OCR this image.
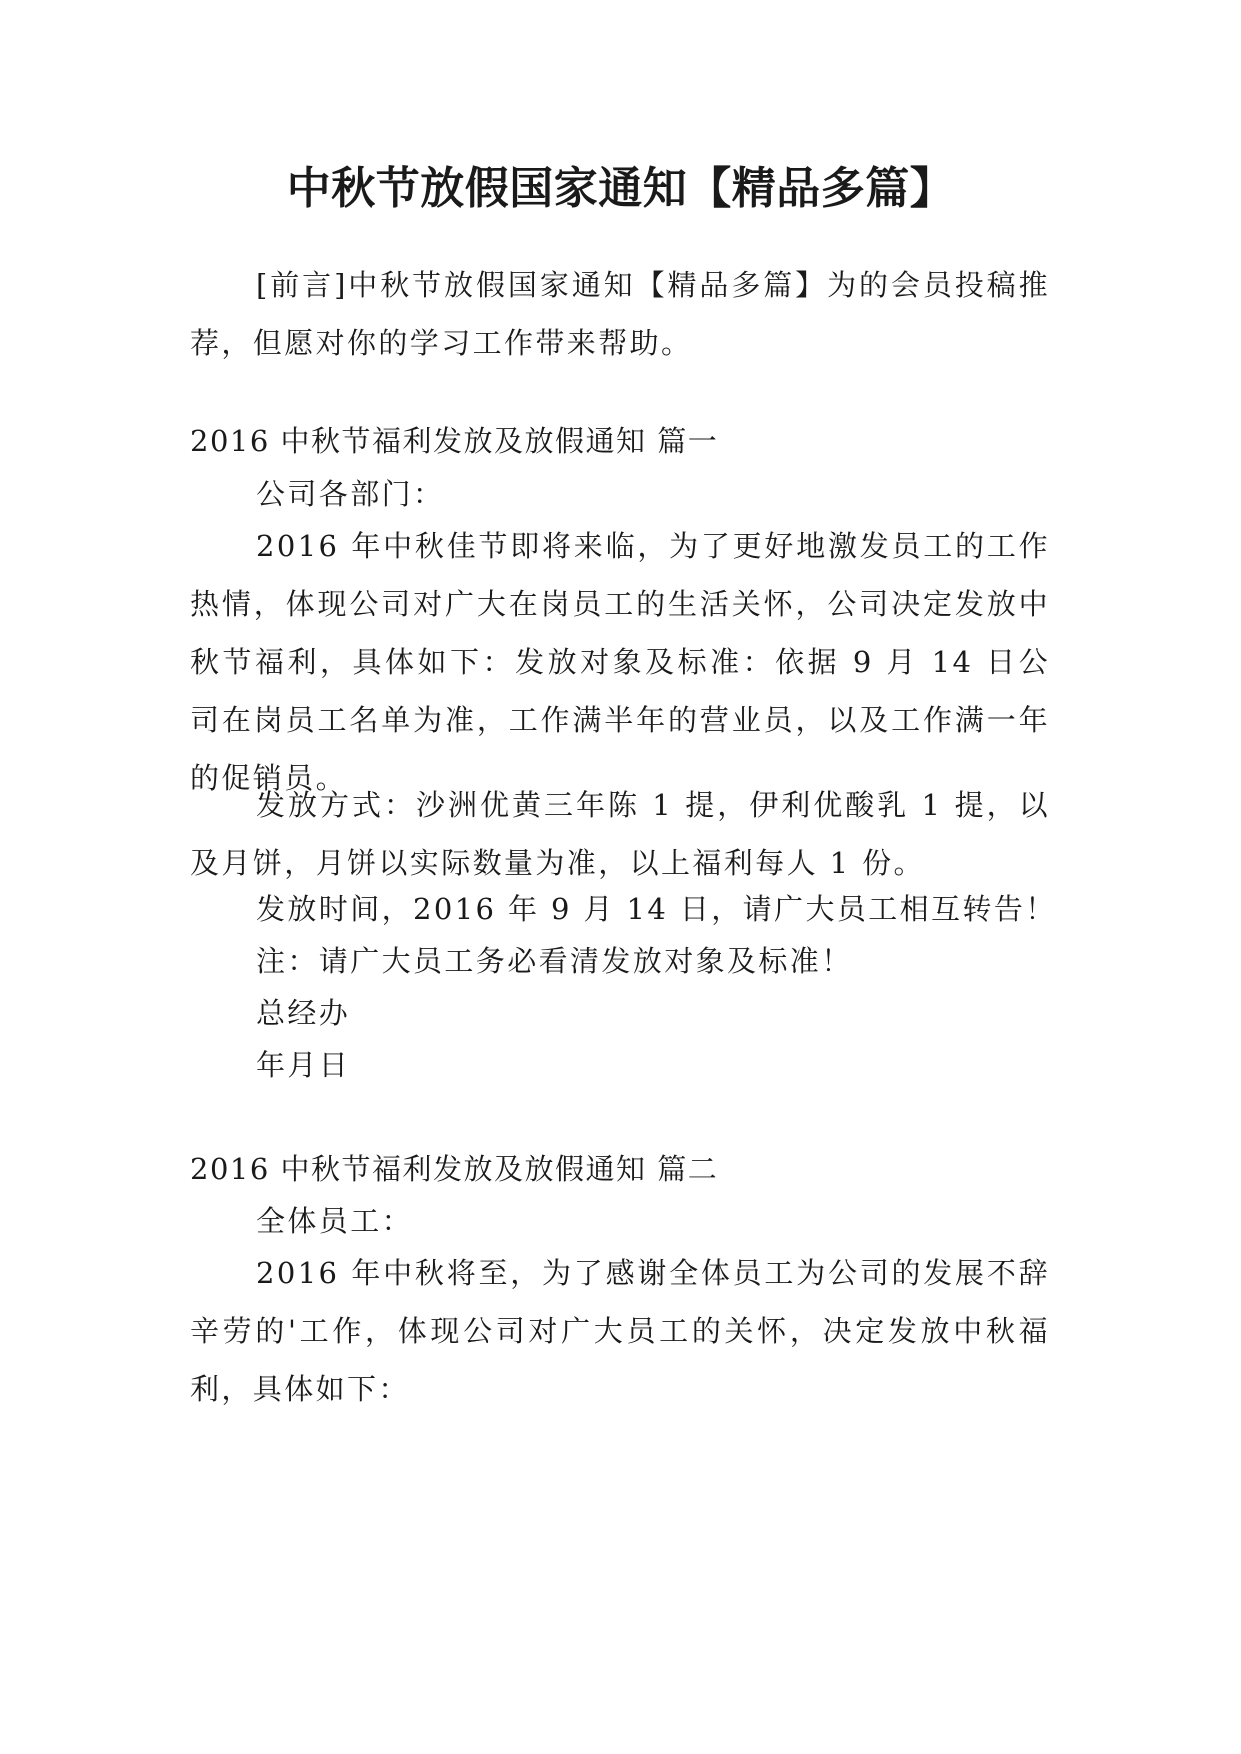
中秋节放假国家通知【精品多篇】

[前言]中秋节放假国家通知【精品多篇】为的会员投稿推荐，但愿对你的学习工作带来帮助。

2016 中秋节福利发放及放假通知 篇一

公司各部门：

2016 年中秋佳节即将来临，为了更好地激发员工的工作热情，体现公司对广大在岗员工的生活关怀，公司决定发放中秋节福利，具体如下：发放对象及标准：依据 9 月 14 日公司在岗员工名单为准，工作满半年的营业员，以及工作满一年的促销员。

发放方式：沙洲优黄三年陈 1 提，伊利优酸乳 1 提，以及月饼，月饼以实际数量为准，以上福利每人 1 份。

发放时间，2016 年 9 月 14 日，请广大员工相互转告！

注：请广大员工务必看清发放对象及标准！

总经办

年月日

2016 中秋节福利发放及放假通知 篇二

全体员工：

2016 年中秋将至，为了感谢全体员工为公司的发展不辞辛劳的'工作，体现公司对广大员工的关怀，决定发放中秋福利，具体如下：
